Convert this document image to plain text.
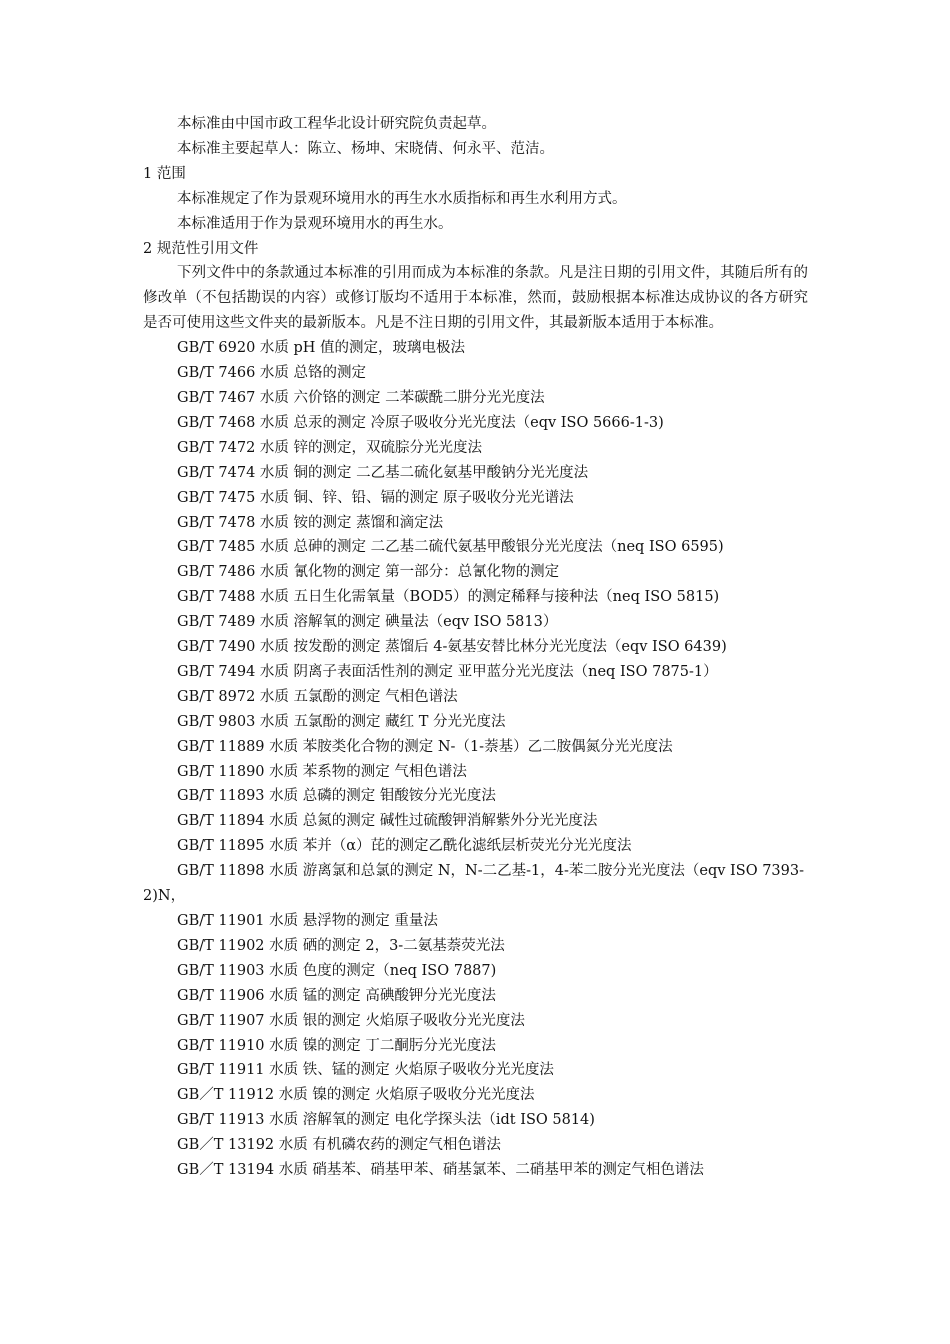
本标准由中国市政工程华北设计研究院负责起草。

本标准主要起草人：陈立、杨坤、宋晓倩、何永平、范洁。

1 范围

本标准规定了作为景观环境用水的再生水水质指标和再生水利用方式。

本标准适用于作为景观环境用水的再生水。

2 规范性引用文件

下列文件中的条款通过本标准的引用而成为本标准的条款。凡是注日期的引用文件，其随后所有的修改单（不包括勘误的内容）或修订版均不适用于本标准，然而，鼓励根据本标准达成协议的各方研究是否可使用这些文件夹的最新版本。凡是不注日期的引用文件，其最新版本适用于本标准。

GB/T 6920 水质 pH 值的测定，玻璃电极法

GB/T 7466 水质 总铬的测定

GB/T 7467 水质 六价铬的测定 二苯碳酰二肼分光光度法

GB/T 7468 水质 总汞的测定 冷原子吸收分光光度法（eqv ISO 5666-1-3)

GB/T 7472 水质 锌的测定，双硫腙分光光度法

GB/T 7474 水质 铜的测定 二乙基二硫化氨基甲酸钠分光光度法

GB/T 7475 水质 铜、锌、铅、镉的测定 原子吸收分光光谱法

GB/T 7478 水质 铵的测定 蒸馏和滴定法

GB/T 7485 水质 总砷的测定 二乙基二硫代氨基甲酸银分光光度法（neq ISO 6595)

GB/T 7486 水质 氰化物的测定 第一部分：总氰化物的测定

GB/T 7488 水质 五日生化需氧量（BOD5）的测定稀释与接种法（neq ISO 5815)

GB/T 7489 水质 溶解氧的测定 碘量法（eqv ISO 5813）

GB/T 7490 水质 按发酚的测定 蒸馏后 4-氨基安替比林分光光度法（eqv ISO 6439)

GB/T 7494 水质 阴离子表面活性剂的测定 亚甲蓝分光光度法（neq ISO 7875-1）

GB/T 8972 水质 五氯酚的测定 气相色谱法

GB/T 9803 水质 五氯酚的测定 藏红 T 分光光度法

GB/T 11889 水质 苯胺类化合物的测定 N-（1-萘基）乙二胺偶氮分光光度法

GB/T 11890 水质 苯系物的测定 气相色谱法

GB/T 11893 水质 总磷的测定 钼酸铵分光光度法

GB/T 11894 水质 总氮的测定 碱性过硫酸钾消解紫外分光光度法

GB/T 11895 水质 苯并（α）芘的测定乙酰化滤纸层析荧光分光光度法

GB/T 11898 水质 游离氯和总氯的测定 N，N-二乙基-1，4-苯二胺分光光度法（eqv ISO 7393-2)N，

GB/T 11901 水质 悬浮物的测定 重量法

GB/T 11902 水质 硒的测定 2，3-二氨基萘荧光法

GB/T 11903 水质 色度的测定（neq ISO 7887)

GB/T 11906 水质 锰的测定 高碘酸钾分光光度法

GB/T 11907 水质 银的测定 火焰原子吸收分光光度法

GB/T 11910 水质 镍的测定 丁二酮肟分光光度法

GB/T 11911 水质 铁、锰的测定 火焰原子吸收分光光度法

GB／T 11912 水质 镍的测定 火焰原子吸收分光光度法

GB/T 11913 水质 溶解氧的测定 电化学探头法（idt ISO 5814)

GB／T 13192 水质 有机磷农药的测定气相色谱法

GB／T 13194 水质 硝基苯、硝基甲苯、硝基氯苯、二硝基甲苯的测定气相色谱法
